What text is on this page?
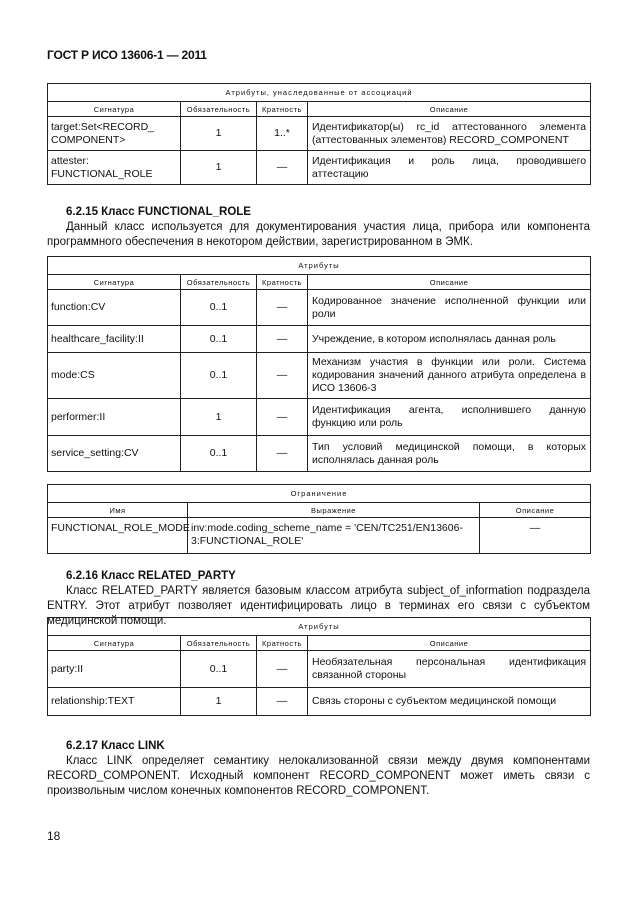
ГОСТ Р ИСО 13606-1 — 2011
Атрибуты, унаследованные от ассоциаций			
Сигнатура	Обязательность	Кратность	Описание
target:Set<RECORD_ COMPONENT>	1	1..*	Идентификатор(ы) rc_id аттестованного элемента (аттестованных элементов) RECORD_COMPONENT
attester: FUNCTIONAL_ROLE	1	—	Идентификация и роль лица, проводившего аттестацию
6.2.15 Класс FUNCTIONAL_ROLE
Данный класс используется для документирования участия лица, прибора или компонента программного обеспечения в некотором действии, зарегистрированном в ЭМК.
Атрибуты			
Сигнатура	Обязательность	Кратность	Описание
function:CV	0..1	—	Кодированное значение исполненной функции или роли
healthcare_facility:II	0..1	—	Учреждение, в котором исполнялась данная роль
mode:CS	0..1	—	Механизм участия в функции или роли. Система кодирования значений данного атрибута определена в ИСО 13606-3
performer:II	1	—	Идентификация агента, исполнившего данную функцию или роль
service_setting:CV	0..1	—	Тип условий медицинской помощи, в которых исполнялась данная роль
Ограничение		
Имя	Выражение	Описание
FUNCTIONAL_ROLE_MODE	inv:mode.coding_scheme_name = 'CEN/TC251/EN13606-3:FUNCTIONAL_ROLE'	—
6.2.16 Класс RELATED_PARTY
Класс RELATED_PARTY является базовым классом атрибута subject_of_information подраздела ENTRY. Этот атрибут позволяет идентифицировать лицо в терминах его связи с субъектом медицинской помощи.	Атрибуты			
Сигнатура	Обязательность	Кратность	Описание
party:II	0..1	—	Необязательная персональная идентификация связанной стороны
relationship:TEXT	1	—	Связь стороны с субъектом медицинской помощи
6.2.17 Класс LINK
Класс LINK определяет семантику нелокализованной связи между двумя компонентами RECORD_COMPONENT. Исходный компонент RECORD_COMPONENT может иметь связи с произвольным числом конечных компонентов RECORD_COMPONENT.
18
